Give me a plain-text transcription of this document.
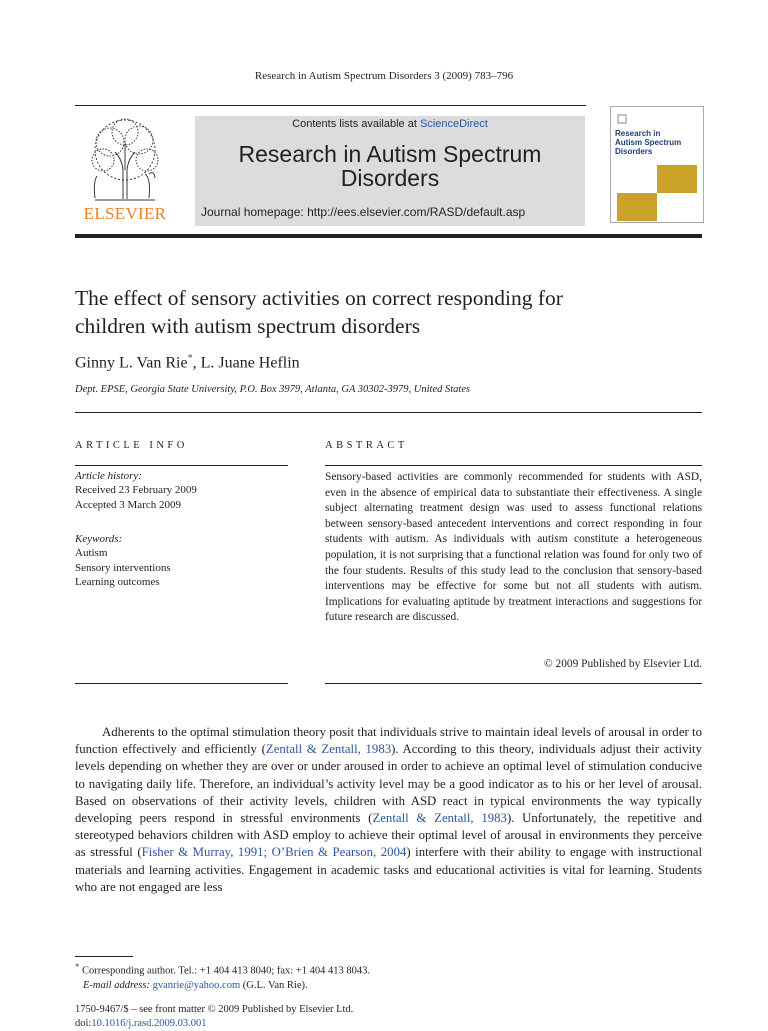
Research in Autism Spectrum Disorders 3 (2009) 783–796
ELSEVIER
Contents lists available at ScienceDirect
Research in Autism Spectrum
Disorders
Journal homepage: http://ees.elsevier.com/RASD/default.asp
Research in
Autism Spectrum
Disorders
The effect of sensory activities on correct responding for
children with autism spectrum disorders
Ginny L. Van Rie*, L. Juane Heflin
Dept. EPSE, Georgia State University, P.O. Box 3979, Atlanta, GA 30302-3979, United States
ARTICLE INFO	ABSTRACT
Article history:
Received 23 February 2009
Accepted 3 March 2009
Keywords:
Autism
Sensory interventions
Learning outcomes
Sensory-based activities are commonly recommended for students with ASD, even in the absence of empirical data to substantiate their effectiveness. A single subject alternating treatment design was used to assess functional relations between sensory-based antecedent interventions and correct responding in four students with autism. As individuals with autism constitute a heterogeneous population, it is not surprising that a functional relation was found for only two of the four students. Results of this study lead to the conclusion that sensory-based interventions may be effective for some but not all students with autism. Implications for evaluating aptitude by treatment interactions and suggestions for future research are discussed.
© 2009 Published by Elsevier Ltd.
Adherents to the optimal stimulation theory posit that individuals strive to maintain ideal levels of arousal in order to function effectively and efficiently (Zentall & Zentall, 1983). According to this theory, individuals adjust their activity levels depending on whether they are over or under aroused in order to achieve an optimal level of stimulation conducive to navigating daily life. Therefore, an individual’s activity level may be a good indicator as to his or her level of arousal. Based on observations of their activity levels, children with ASD react in typical environments the way typically developing peers respond in stressful environments (Zentall & Zentall, 1983). Unfortunately, the repetitive and stereotyped behaviors children with ASD employ to achieve their optimal level of arousal in environments they perceive as stressful (Fisher & Murray, 1991; O’Brien & Pearson, 2004) interfere with their ability to engage with instructional materials and learning activities. Engagement in academic tasks and educational activities is vital for learning. Students who are not engaged are less
* Corresponding author. Tel.: +1 404 413 8040; fax: +1 404 413 8043.
E-mail address: gvanrie@yahoo.com (G.L. Van Rie).
1750-9467/$ – see front matter © 2009 Published by Elsevier Ltd.
doi:10.1016/j.rasd.2009.03.001
